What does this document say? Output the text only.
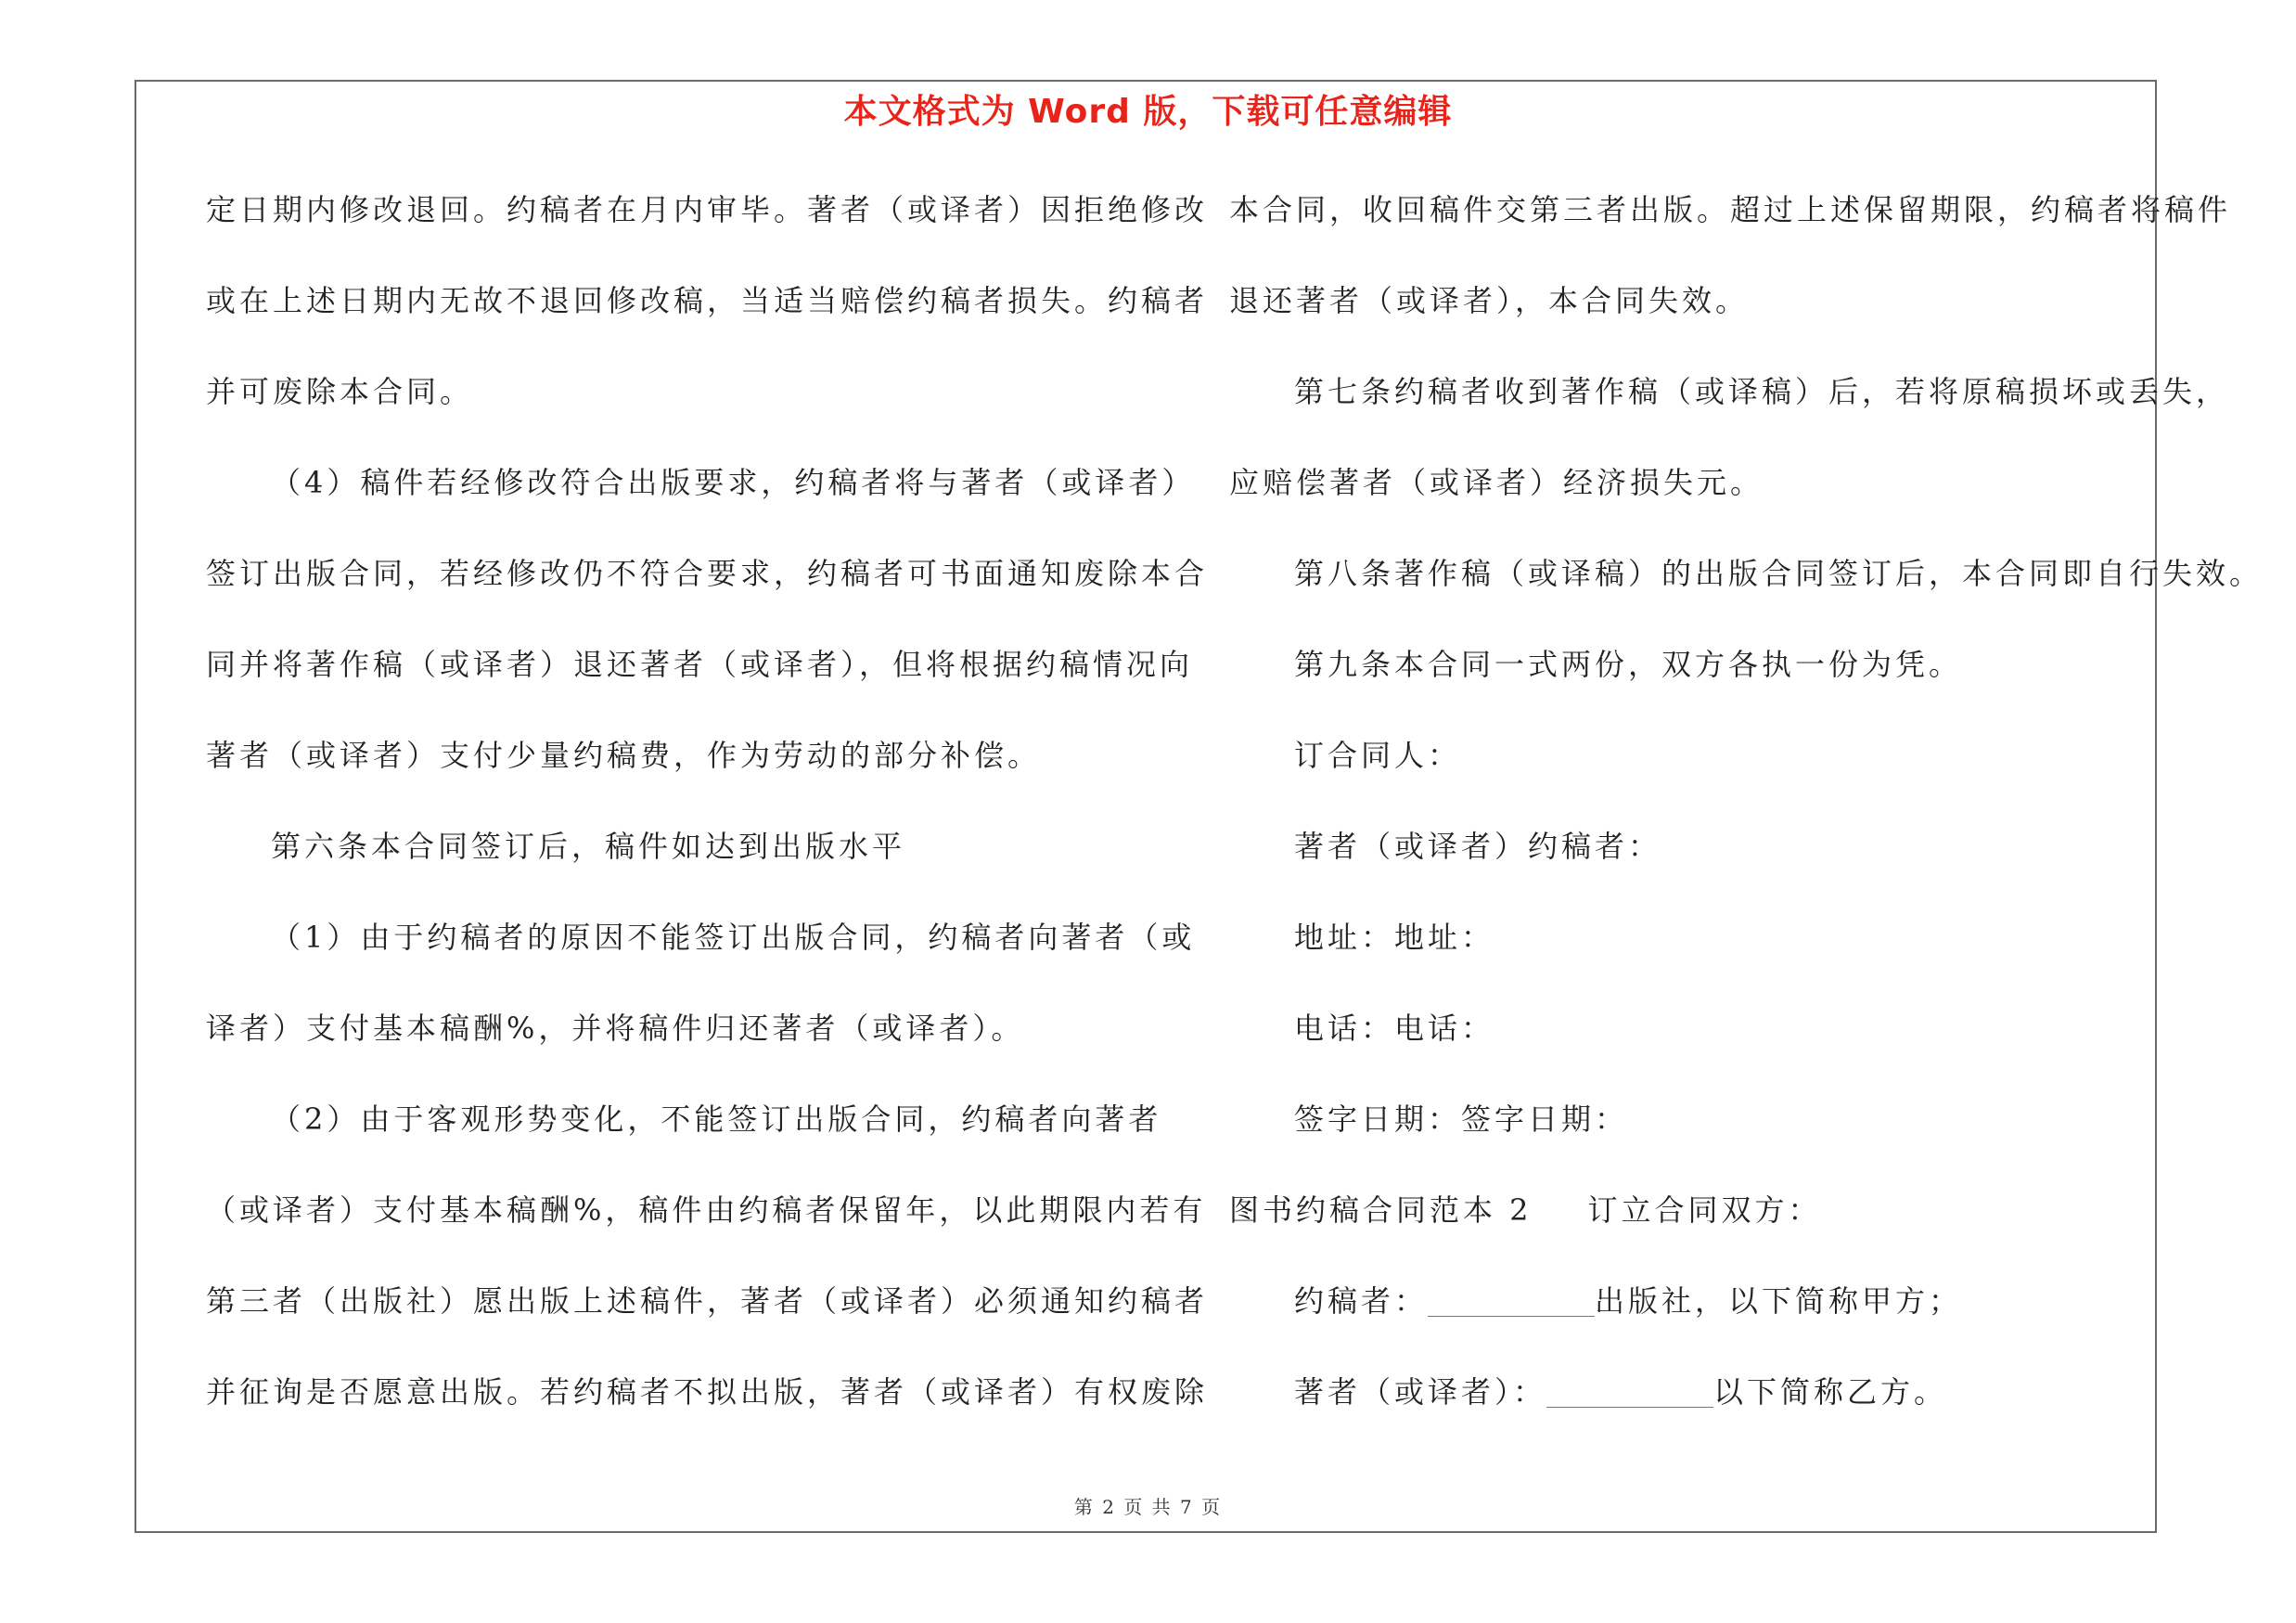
本文格式为 Word 版，下载可任意编辑
定日期内修改退回。约稿者在月内审毕。著者（或译者）因拒绝修改
或在上述日期内无故不退回修改稿，当适当赔偿约稿者损失。约稿者
并可废除本合同。
（4）稿件若经修改符合出版要求，约稿者将与著者（或译者）
签订出版合同，若经修改仍不符合要求，约稿者可书面通知废除本合
同并将著作稿（或译者）退还著者（或译者），但将根据约稿情况向
著者（或译者）支付少量约稿费，作为劳动的部分补偿。
第六条本合同签订后，稿件如达到出版水平
（1）由于约稿者的原因不能签订出版合同，约稿者向著者（或
译者）支付基本稿酬%，并将稿件归还著者（或译者）。
（2）由于客观形势变化，不能签订出版合同，约稿者向著者
（或译者）支付基本稿酬%，稿件由约稿者保留年，以此期限内若有
第三者（出版社）愿出版上述稿件，著者（或译者）必须通知约稿者
并征询是否愿意出版。若约稿者不拟出版，著者（或译者）有权废除
本合同，收回稿件交第三者出版。超过上述保留期限，约稿者将稿件
退还著者（或译者），本合同失效。
第七条约稿者收到著作稿（或译稿）后，若将原稿损坏或丢失，
应赔偿著者（或译者）经济损失元。
第八条著作稿（或译稿）的出版合同签订后，本合同即自行失效。
第九条本合同一式两份，双方各执一份为凭。
订合同人：
著者（或译者）约稿者：
地址：地址：
电话：电话：
签字日期：签字日期：
图书约稿合同范本 2 订立合同双方：
约稿者：	出版社，以下简称甲方；
著者（或译者）：	以下简称乙方。
第 2 页 共 7 页
